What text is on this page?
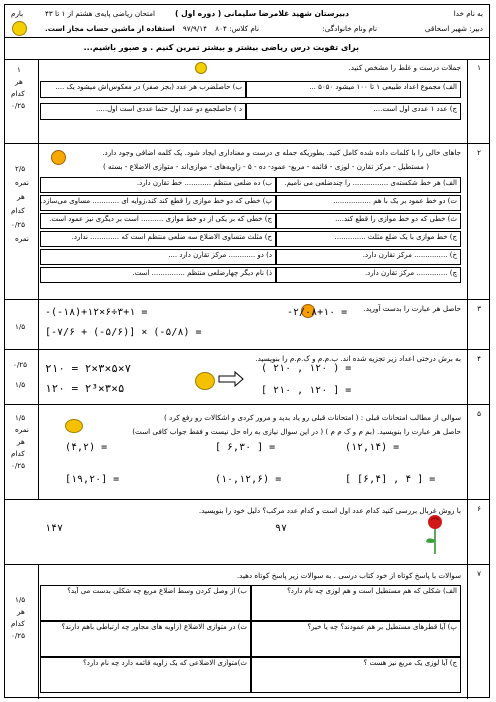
به نام خدا
دبیرستان شهید غلامرضا سلیمانی ( دوره اول )
امتحان ریاضی پایه‌ی هشتم از ۱ تا ۴۳
بارم
دبیر: شهیر اسحاقی
نام ونام خانوادگی:
نام کلاس: ۸۰۴
۹۷/۹/۱۴
استفاده از ماشین حساب مجاز است.
برای تقویت درس ریاضی بیشتر و بیشتر تمرین کنیم . و صبور باشیم...
۱
۱
هر
کدام
۰/۲۵
جملات درست و غلط را مشخص کنید.
الف) مجموع اعداد طبیعی ۱ تا ۱۰۰ میشود ۵۰۵۰ ...
ب) حاصلضرب هر عدد (بجز صفر) در معکوس‌اش میشود یک ....
ج) عدد ۱ عددی اول است....
د ) حاصلجمع دو عدد اول حتما عددی است اول.....
۲
۲/۵
نمره
هر
کدام
۰/۲۵
نمره
جاهای خالی را با کلمات داده شده کامل کنید. بطوریکه جمله ی درست و معناداری ایجاد شود. یک کلمه اضافی وجود دارد.
( مستطیل - مرکز تقارن - لوزی - قائمه - مربع- عمود- ده - ۵ - زاویه‌های - موازی‌اند - متوازی الاضلاع - بسته )
الف) هر خط شکسته‌ی ................ را چندضلعی می نامیم.
ت) دو خط عمود بر یک با هم .................
ث) خطی که دو خط موازی را قطع کند....
ج) خط موازی با یک ضلع مثلث ..............
خ) ............... مرکز تقارن دارد.
چ) .............. مرکز تقارن دارد.
ب) ده ضلعی منتظم ............ خط تقارن دارد.
پ) خطی که دو خط موازی را قطع کند کند،زوایه ای ............ مساوی می‌سازد.
ج) خطی که بر یکی از دو خط موازی .......... است بر دیگری نیز عمود است.
ح) مثلث متساوی الاضلاع سه ضلعی منتظم است که ............. ندارد.
د) دو ............ مرکز تقارن دارد ....
ذ) نام دیگر چهارضلعی منتظم ............... است.
۳
۱/۵
حاصل هر عبارت را بدست آورید.
-(-۱۸)+۱۲×۶÷۳+۱ =	-۲/۰۸+۱۰ =
[-۷/۶ + (-۵/۶)] × (-۵/۸) =
۴
۰/۲۵
۱/۵
به برش درختی اعداد زیر تجزیه شده اند. ب.م.م و ک.م.م را بنویسید.
۲۱۰ = ۲×۳×۵×۷
۱۲۰ = ۲³×۳×۵
( ۲۱۰ , ۱۲۰ ) =
[ ۲۱۰ , ۱۲۰ ] =
۵
۱/۵
نمره
هر
کدام
۰/۲۵
سوالی از مطالب امتحانات قبلی : ( امتحانات قبلی رو یاد بدید و مرور کردی و اشکالات رو رفع کرد )
حاصل هر عبارت را بنویسید. (بم م و ک م م ) ( در این سوال نیازی به راه حل نیست و فقط جواب کافی است)
(۱۲,۱۴) =
[ ۶,۳۰ ] =
(۴,۲) =
[ [۶,۴] , ۴ ] =
(۱۰,۱۲,۶) =
[۱۹,۲۰] =
۶
با روش غربال بررسی کنید کدام عدد اول است و کدام عدد مرکب؟ دلیل خود را بنویسید.
۹۷
۱۴۷
۷
۱/۵
هر
کدام
۰/۲۵
سوالات با پاسخ کوتاه از خود کتاب درسی . به سوالات زیر پاسخ کوتاه دهید.
الف) شکلی که هم مستطیل است و هم لوزی چه نام دارد؟
پ) آیا قطرهای مستطیل بر هم عمودند؟ چه یا خیر؟
ج) آیا لوزی یک مربع نیز هست ؟
ب) از وصل کردن وسط اضلاع مربع چه شکلی بدست می آید؟
ت) در متوازی الاضلاع (زاویه های مجاور چه ارتباطی باهم دارند؟
ث)متوازی الاضلاعی که یک زاویه قائمه دارد چه نام دارد؟
